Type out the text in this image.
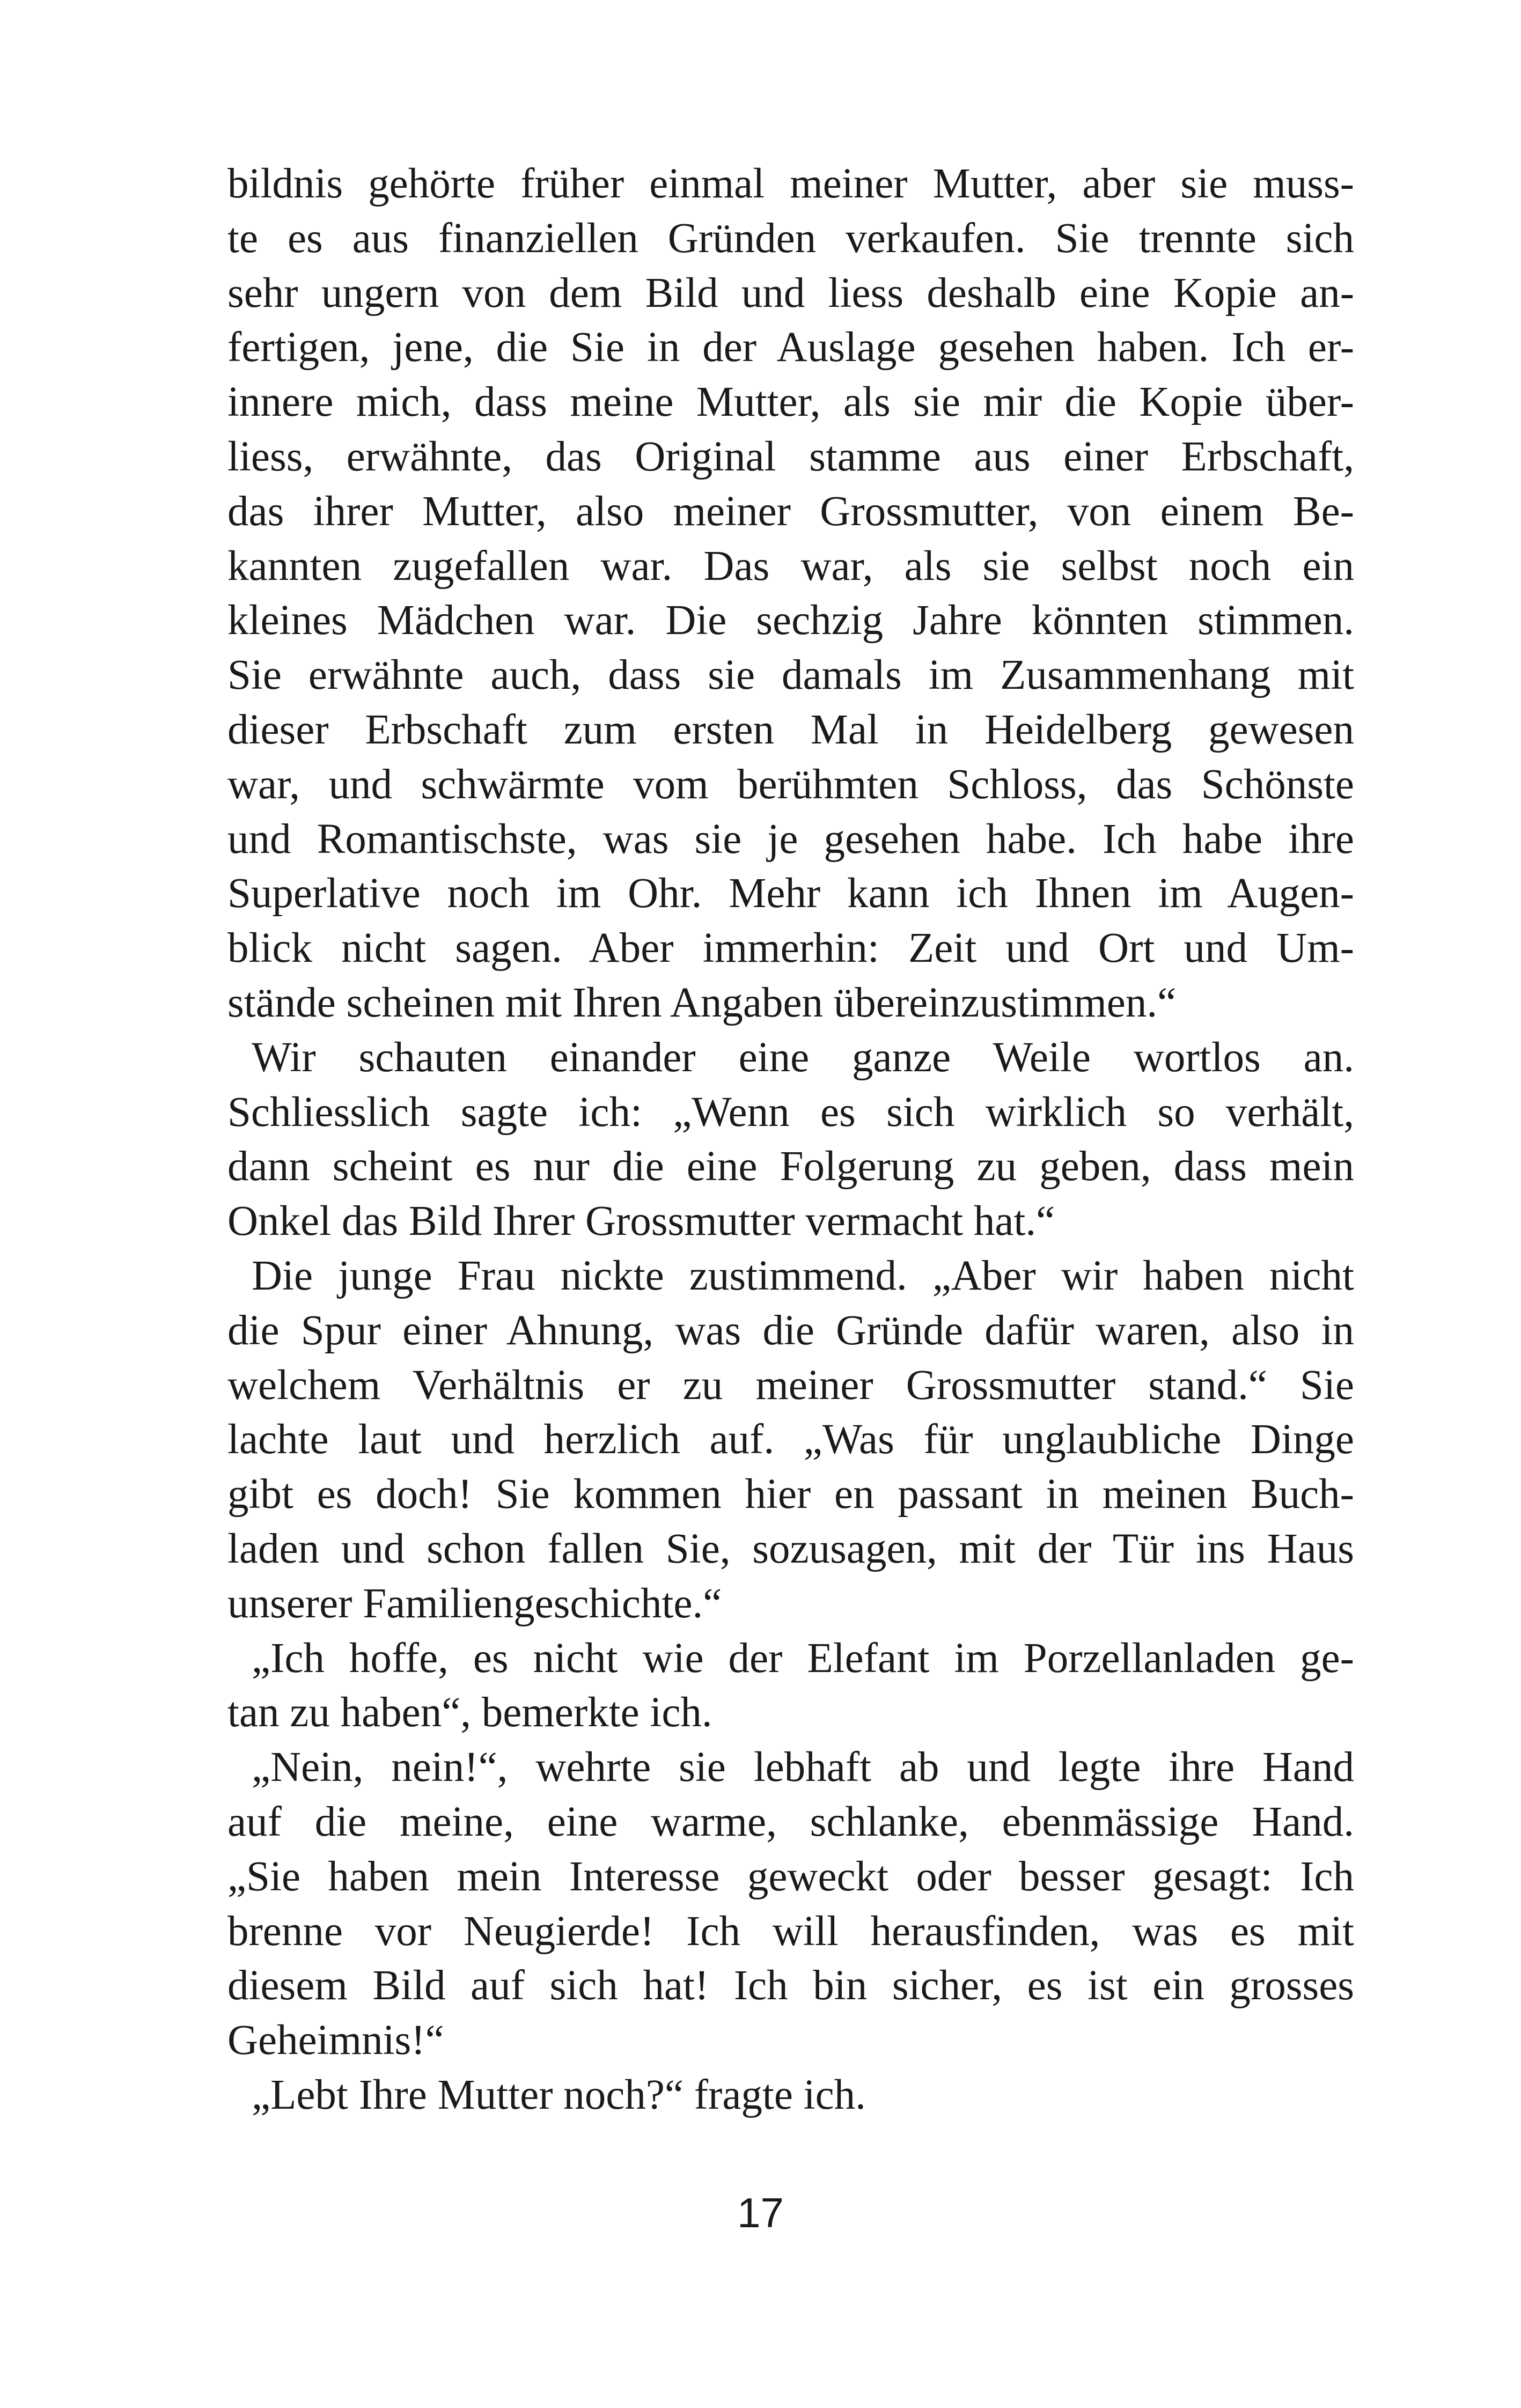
bildnis gehörte früher einmal meiner Mutter, aber sie muss-
te es aus finanziellen Gründen verkaufen. Sie trennte sich
sehr ungern von dem Bild und liess deshalb eine Kopie an-
fertigen, jene, die Sie in der Auslage gesehen haben. Ich er-
innere mich, dass meine Mutter, als sie mir die Kopie über-
liess, erwähnte, das Original stamme aus einer Erbschaft,
das ihrer Mutter, also meiner Grossmutter, von einem Be-
kannten zugefallen war. Das war, als sie selbst noch ein
kleines Mädchen war. Die sechzig Jahre könnten stimmen.
Sie erwähnte auch, dass sie damals im Zusammenhang mit
dieser Erbschaft zum ersten Mal in Heidelberg gewesen
war, und schwärmte vom berühmten Schloss, das Schönste
und Romantischste, was sie je gesehen habe. Ich habe ihre
Superlative noch im Ohr. Mehr kann ich Ihnen im Augen-
blick nicht sagen. Aber immerhin: Zeit und Ort und Um-
stände scheinen mit Ihren Angaben übereinzustimmen.“
Wir schauten einander eine ganze Weile wortlos an.
Schliesslich sagte ich: „Wenn es sich wirklich so verhält,
dann scheint es nur die eine Folgerung zu geben, dass mein
Onkel das Bild Ihrer Grossmutter vermacht hat.“
Die junge Frau nickte zustimmend. „Aber wir haben nicht
die Spur einer Ahnung, was die Gründe dafür waren, also in
welchem Verhältnis er zu meiner Grossmutter stand.“ Sie
lachte laut und herzlich auf. „Was für unglaubliche Dinge
gibt es doch! Sie kommen hier en passant in meinen Buch-
laden und schon fallen Sie, sozusagen, mit der Tür ins Haus
unserer Familiengeschichte.“
„Ich hoffe, es nicht wie der Elefant im Porzellanladen ge-
tan zu haben“, bemerkte ich.
„Nein, nein!“, wehrte sie lebhaft ab und legte ihre Hand
auf die meine, eine warme, schlanke, ebenmässige Hand.
„Sie haben mein Interesse geweckt oder besser gesagt: Ich
brenne vor Neugierde! Ich will herausfinden, was es mit
diesem Bild auf sich hat! Ich bin sicher, es ist ein grosses
Geheimnis!“
„Lebt Ihre Mutter noch?“ fragte ich.
17
